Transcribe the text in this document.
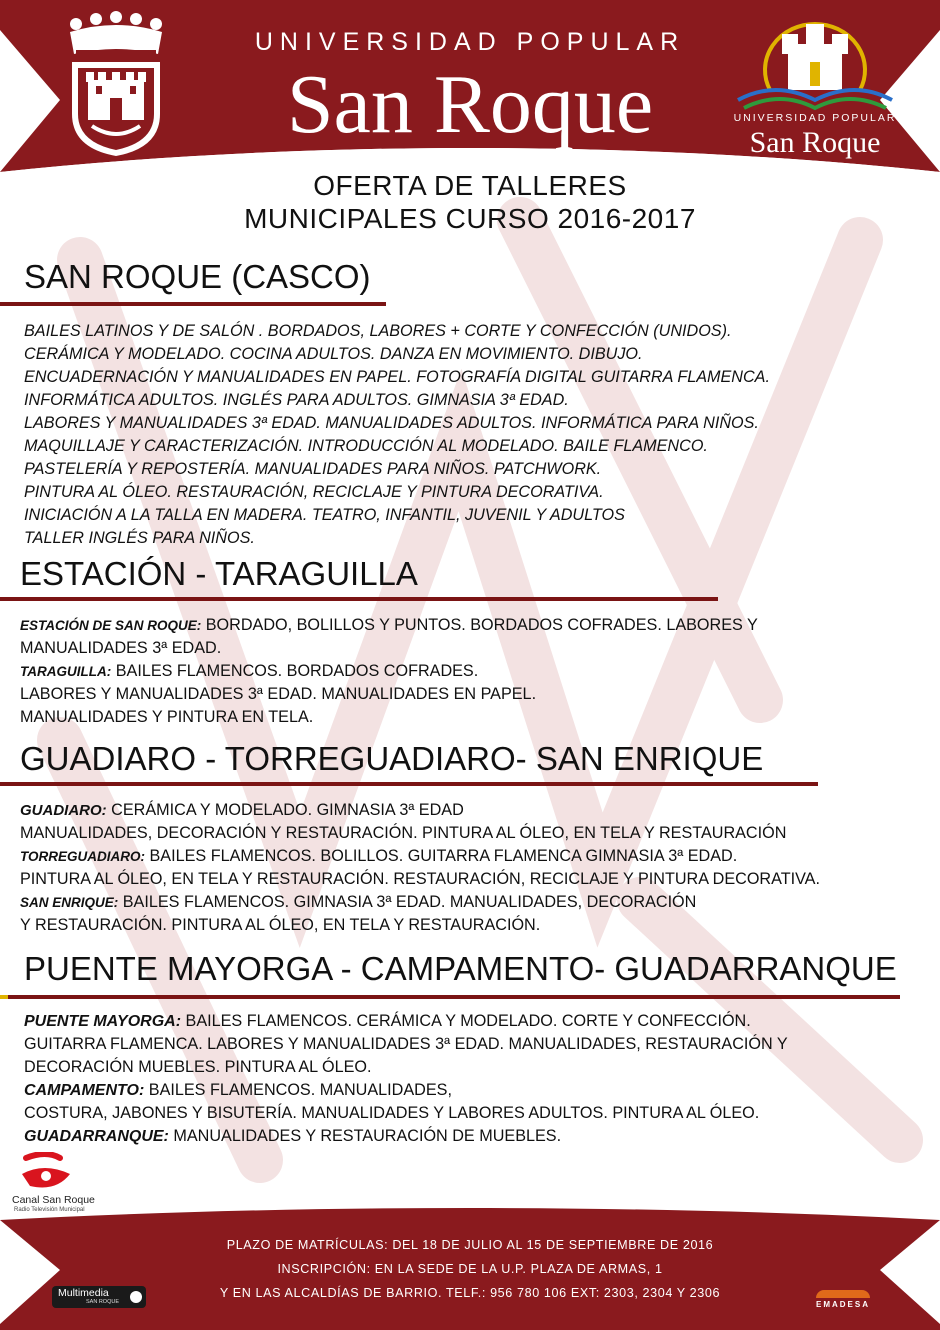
UNIVERSIDAD POPULAR
San Roque	UNIVERSIDAD POPULAR
San Roque
OFERTA DE TALLERES
MUNICIPALES CURSO 2016-2017
SAN ROQUE (CASCO)
BAILES LATINOS Y DE SALÓN . BORDADOS, LABORES + CORTE Y CONFECCIÓN (UNIDOS).
CERÁMICA Y MODELADO. COCINA ADULTOS. DANZA EN MOVIMIENTO. DIBUJO.
ENCUADERNACIÓN Y MANUALIDADES EN PAPEL. FOTOGRAFÍA DIGITAL GUITARRA FLAMENCA.
INFORMÁTICA ADULTOS. INGLÉS PARA ADULTOS. GIMNASIA 3ª EDAD.
LABORES Y MANUALIDADES 3ª EDAD. MANUALIDADES ADULTOS. INFORMÁTICA PARA NIÑOS.
MAQUILLAJE Y CARACTERIZACIÓN. INTRODUCCIÓN AL MODELADO. BAILE FLAMENCO.
PASTELERÍA Y REPOSTERÍA. MANUALIDADES PARA NIÑOS. PATCHWORK.
PINTURA AL ÓLEO. RESTAURACIÓN, RECICLAJE Y PINTURA DECORATIVA.
INICIACIÓN A LA TALLA EN MADERA. TEATRO, INFANTIL, JUVENIL Y ADULTOS
TALLER INGLÉS PARA NIÑOS.
ESTACIÓN - TARAGUILLA
ESTACIÓN DE SAN ROQUE: BORDADO, BOLILLOS Y PUNTOS. BORDADOS COFRADES. LABORES Y
MANUALIDADES 3ª EDAD.
TARAGUILLA: BAILES FLAMENCOS. BORDADOS COFRADES.
LABORES Y MANUALIDADES 3ª EDAD. MANUALIDADES EN PAPEL.
MANUALIDADES Y PINTURA EN TELA.
GUADIARO - TORREGUADIARO- SAN ENRIQUE
GUADIARO: CERÁMICA Y MODELADO. GIMNASIA 3ª EDAD
MANUALIDADES, DECORACIÓN Y RESTAURACIÓN. PINTURA AL ÓLEO, EN TELA Y RESTAURACIÓN
TORREGUADIARO: BAILES FLAMENCOS. BOLILLOS. GUITARRA FLAMENCA GIMNASIA 3ª EDAD.
PINTURA AL ÓLEO, EN TELA Y RESTAURACIÓN. RESTAURACIÓN, RECICLAJE Y PINTURA DECORATIVA.
SAN ENRIQUE: BAILES FLAMENCOS. GIMNASIA 3ª EDAD. MANUALIDADES, DECORACIÓN
Y RESTAURACIÓN. PINTURA AL ÓLEO, EN TELA Y RESTAURACIÓN.
PUENTE MAYORGA - CAMPAMENTO- GUADARRANQUE
PUENTE MAYORGA: BAILES FLAMENCOS. CERÁMICA Y MODELADO. CORTE Y CONFECCIÓN.
GUITARRA FLAMENCA. LABORES Y MANUALIDADES 3ª EDAD. MANUALIDADES, RESTAURACIÓN Y
DECORACIÓN MUEBLES. PINTURA AL ÓLEO.
CAMPAMENTO: BAILES FLAMENCOS. MANUALIDADES,
COSTURA, JABONES Y BISUTERÍA. MANUALIDADES Y LABORES ADULTOS. PINTURA AL ÓLEO.
GUADARRANQUE: MANUALIDADES Y RESTAURACIÓN DE MUEBLES.
Canal San Roque
Radio Televisión Municipal
PLAZO DE MATRÍCULAS: DEL 18 DE JULIO AL 15 DE SEPTIEMBRE DE 2016
INSCRIPCIÓN: EN LA SEDE DE LA U.P. PLAZA DE ARMAS, 1
Y EN LAS ALCALDÍAS DE BARRIO. TELF.: 956 780 106 EXT: 2303, 2304 Y 2306
Multimedia
SAN ROQUE	EMADESA
